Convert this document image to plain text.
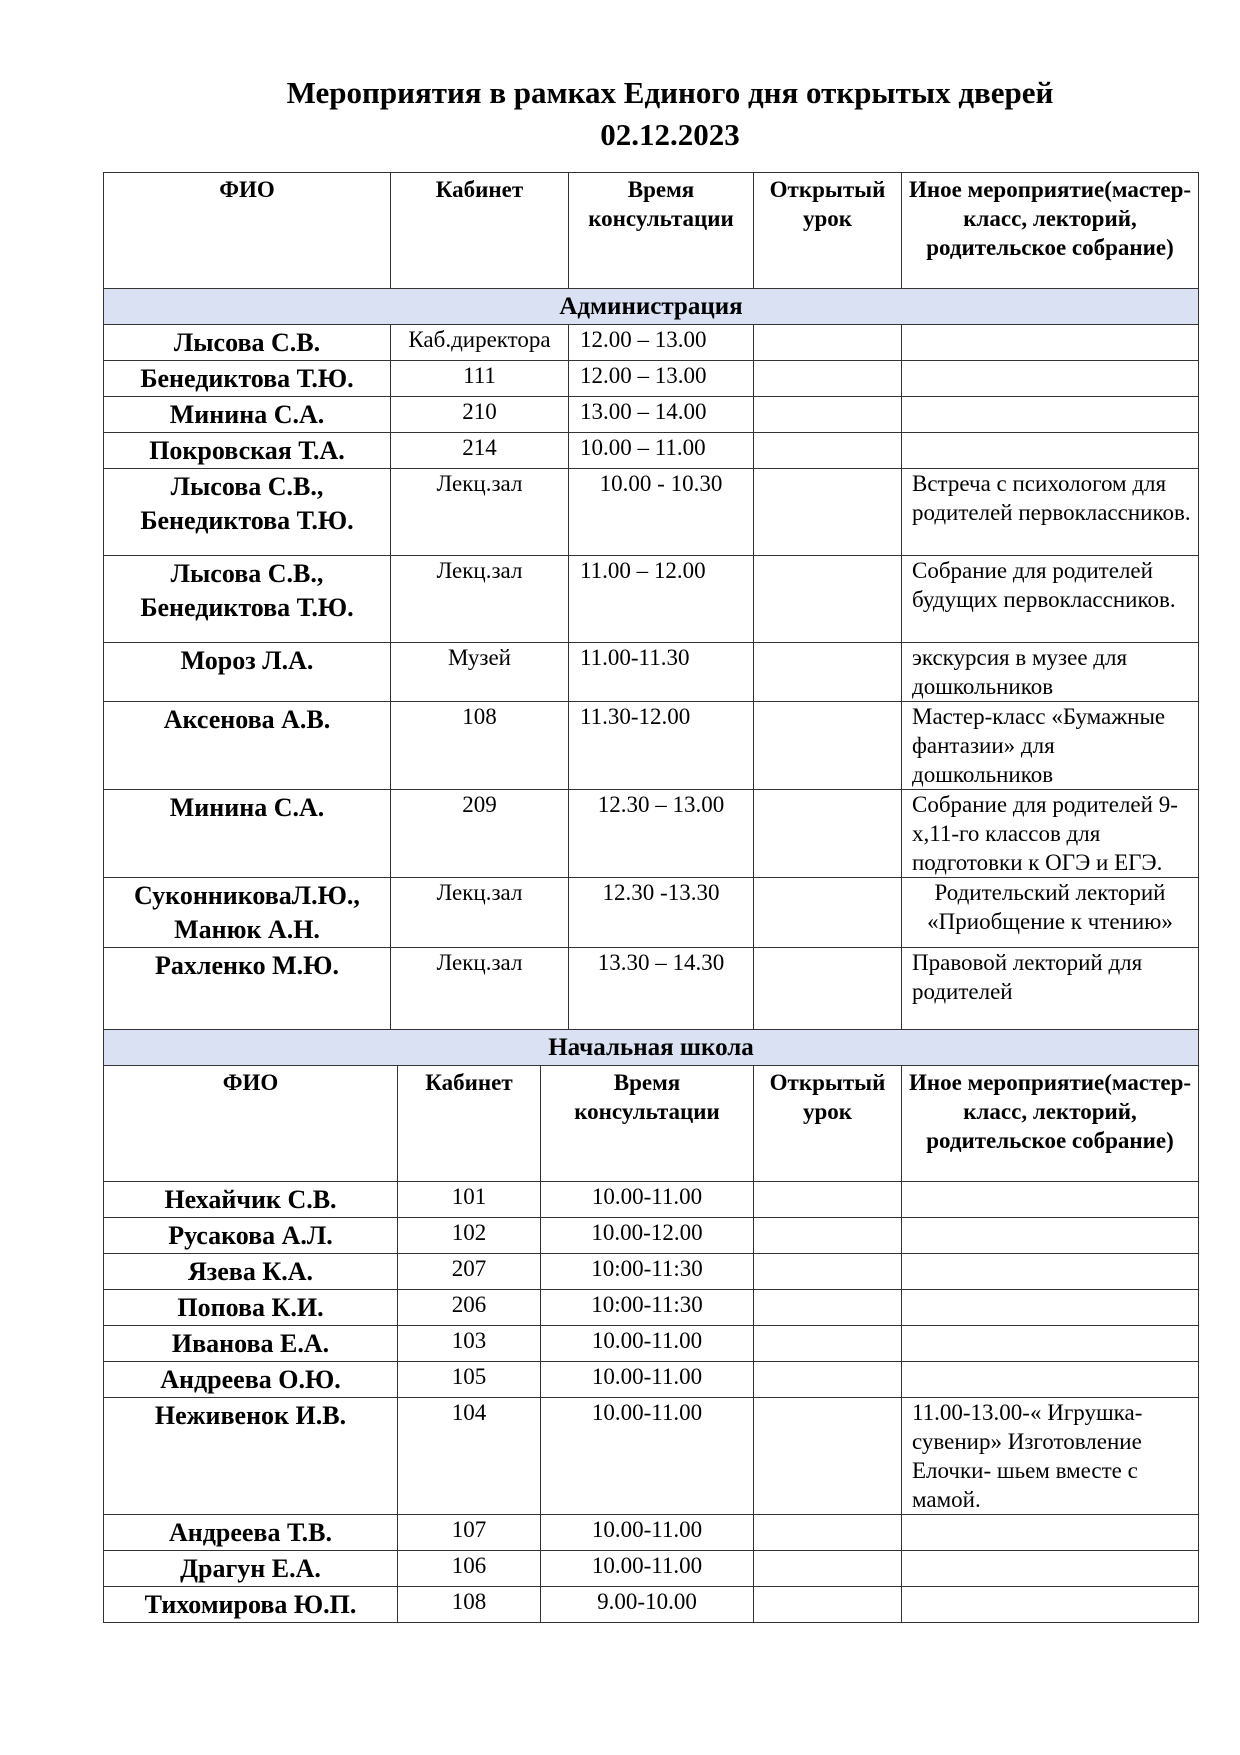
Мероприятия в рамках Единого дня открытых дверей
02.12.2023
ФИО	Кабинет	Время консультации	Открытый урок	Иное мероприятие(мастер-класс, лекторий, родительское собрание)
Администрация				
Лысова С.В.	Каб.директора	12.00 – 13.00		
Бенедиктова Т.Ю.	111	12.00 – 13.00		
Минина С.А.	210	13.00 – 14.00		
Покровская Т.А.	214	10.00 – 11.00		
Лысова С.В., Бенедиктова Т.Ю.	Лекц.зал	10.00 - 10.30		Встреча с психологом для родителей первоклассников.
Лысова С.В., Бенедиктова Т.Ю.	Лекц.зал	11.00 – 12.00		Собрание для родителей будущих первоклассников.
Мороз Л.А.	Музей	11.00-11.30		экскурсия в музее для дошкольников
Аксенова А.В.	108	11.30-12.00		Мастер-класс «Бумажные фантазии» для дошкольников
Минина С.А.	209	12.30 – 13.00		Собрание для родителей 9-х,11-го классов для подготовки к ОГЭ и ЕГЭ.
СуконниковаЛ.Ю., Манюк А.Н.	Лекц.зал	12.30 -13.30		Родительский лекторий «Приобщение к чтению»
Рахленко М.Ю.	Лекц.зал	13.30 – 14.30		Правовой лекторий для родителей
Начальная школа				
ФИО	Кабинет	Время консультации	Открытый урок	Иное мероприятие(мастер-класс, лекторий, родительское собрание)
Нехайчик С.В.	101	10.00-11.00		
Русакова А.Л.	102	10.00-12.00		
Язева К.А.	207	10:00-11:30		
Попова К.И.	206	10:00-11:30		
Иванова Е.А.	103	10.00-11.00		
Андреева О.Ю.	105	10.00-11.00		
Неживенок И.В.	104	10.00-11.00		11.00-13.00-« Игрушка-сувенир» Изготовление Елочки- шьем вместе с мамой.
Андреева Т.В.	107	10.00-11.00		
Драгун Е.А.	106	10.00-11.00		
Тихомирова Ю.П.	108	9.00-10.00		
